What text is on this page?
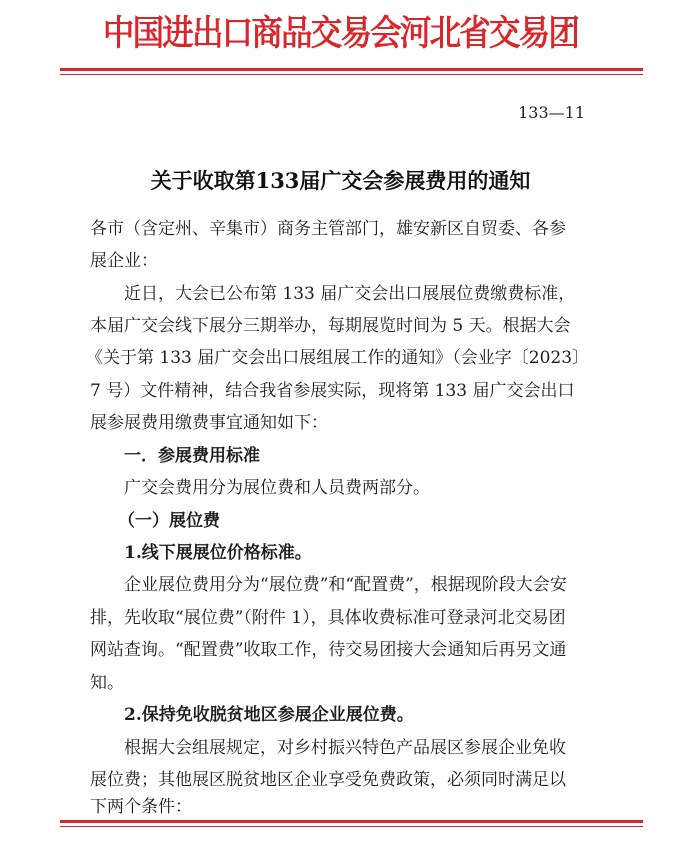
中国进出口商品交易会河北省交易团
133—11
关于收取第133届广交会参展费用的通知
各市（含定州、辛集市）商务主管部门，雄安新区自贸委、各参
展企业：
近日，大会已公布第 133 届广交会出口展展位费缴费标准，
本届广交会线下展分三期举办，每期展览时间为 5 天。根据大会
《关于第 133 届广交会出口展组展工作的通知》（会业字〔2023〕
7 号）文件精神，结合我省参展实际，现将第 133 届广交会出口
展参展费用缴费事宜通知如下：
一．参展费用标准
广交会费用分为展位费和人员费两部分。
（一）展位费
1.线下展展位价格标准。
企业展位费用分为“展位费”和“配置费”，根据现阶段大会安
排，先收取“展位费”（附件 1），具体收费标准可登录河北交易团
网站查询。“配置费”收取工作，待交易团接大会通知后再另文通
知。
2.保持免收脱贫地区参展企业展位费。
根据大会组展规定，对乡村振兴特色产品展区参展企业免收
展位费；其他展区脱贫地区企业享受免费政策，必须同时满足以
下两个条件：
